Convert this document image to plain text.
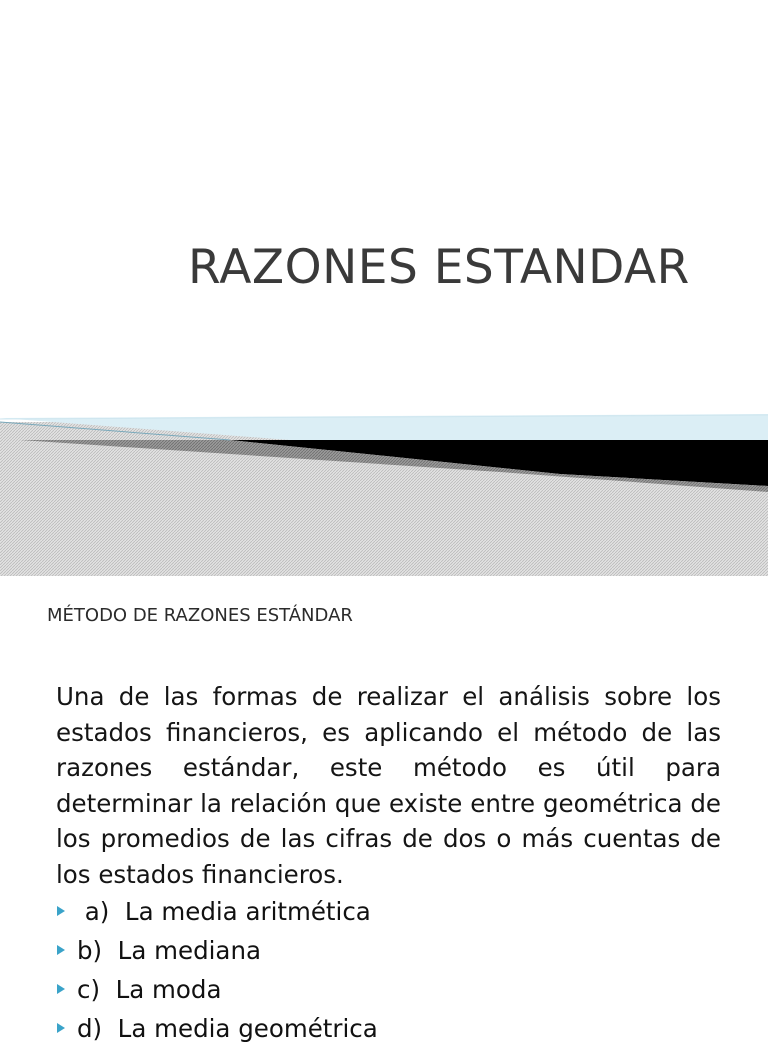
RAZONES ESTANDAR
MÉTODO DE RAZONES ESTÁNDAR
Una de las formas de realizar el análisis sobre los estados financieros, es aplicando el método de las razones estándar, este método es útil para determinar la relación que existe entre geométrica de los promedios de las cifras de dos o más cuentas de los estados financieros.
a)  La media aritmética
b)  La mediana
c)  La moda
d)  La media geométrica
